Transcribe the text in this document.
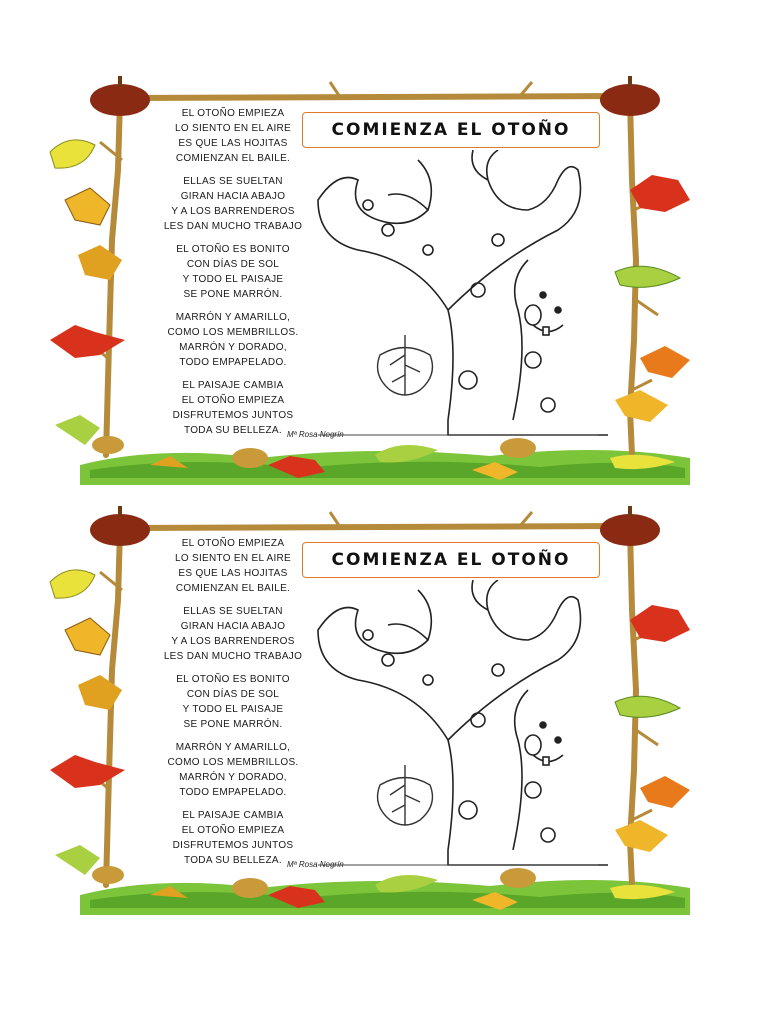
EL OTOÑO EMPIEZA
LO SIENTO EN EL AIRE
ES QUE LAS HOJITAS
COMIENZAN EL BAILE.
ELLAS SE SUELTAN
GIRAN HACIA ABAJO
Y A LOS BARRENDEROS
LES DAN MUCHO TRABAJO
EL OTOÑO ES BONITO
CON DÍAS DE SOL
Y TODO EL PAISAJE
SE PONE MARRÓN.
MARRÓN Y AMARILLO,
COMO LOS MEMBRILLOS.
MARRÓN Y DORADO,
TODO EMPAPELADO.
EL PAISAJE CAMBIA
EL OTOÑO EMPIEZA
DISFRUTEMOS JUNTOS
TODA SU BELLEZA. Mª Rosa Negrín
COMIENZA EL OTOÑO
EL OTOÑO EMPIEZA
LO SIENTO EN EL AIRE
ES QUE LAS HOJITAS
COMIENZAN EL BAILE.
ELLAS SE SUELTAN
GIRAN HACIA ABAJO
Y A LOS BARRENDEROS
LES DAN MUCHO TRABAJO
EL OTOÑO ES BONITO
CON DÍAS DE SOL
Y TODO EL PAISAJE
SE PONE MARRÓN.
MARRÓN Y AMARILLO,
COMO LOS MEMBRILLOS.
MARRÓN Y DORADO,
TODO EMPAPELADO.
EL PAISAJE CAMBIA
EL OTOÑO EMPIEZA
DISFRUTEMOS JUNTOS
TODA SU BELLEZA. Mª Rosa Negrín
COMIENZA EL OTOÑO
